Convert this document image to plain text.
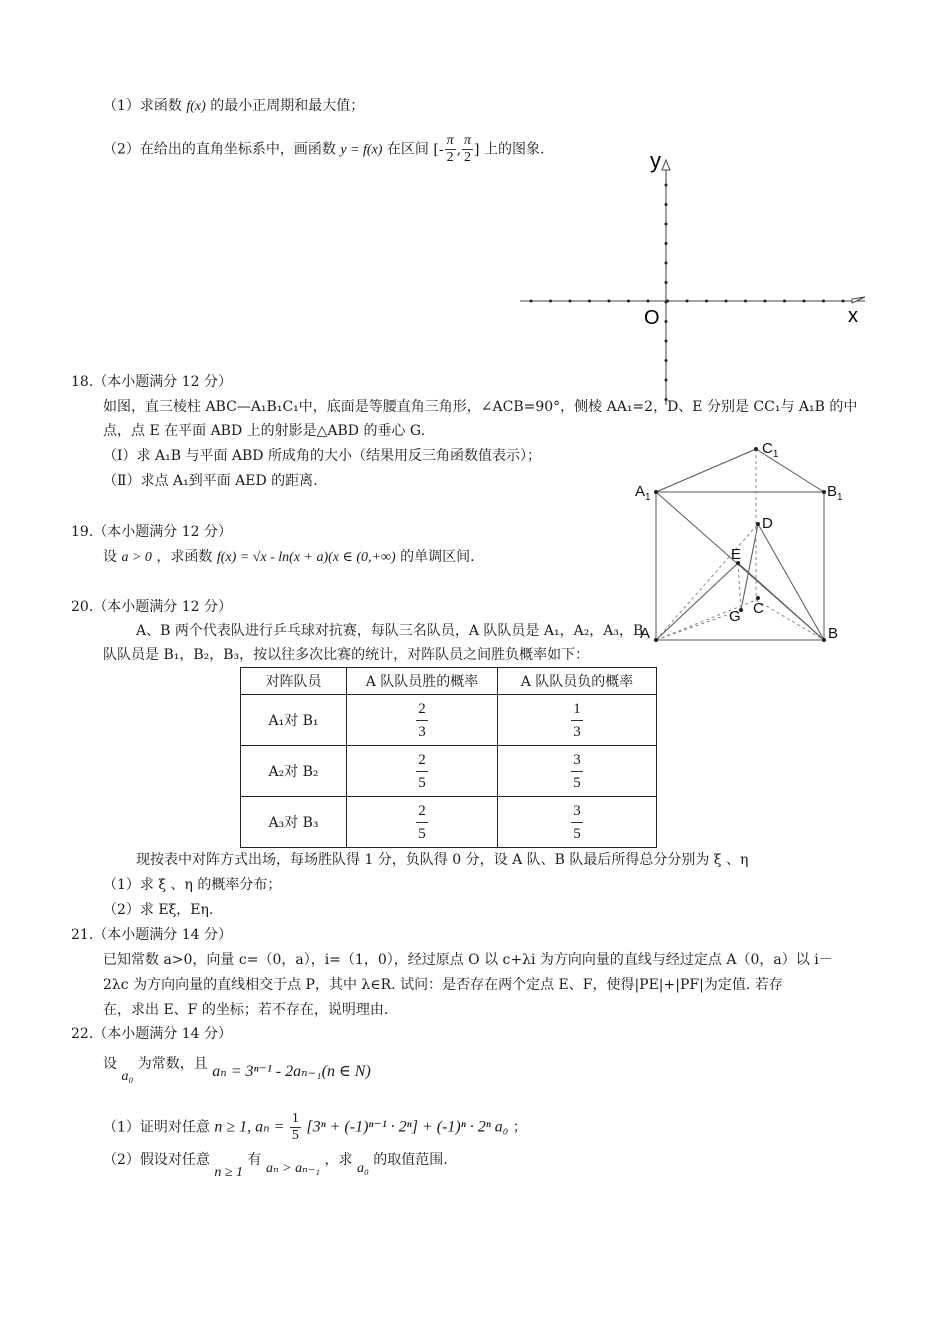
（1）求函数 f(x) 的最小正周期和最大值；
（2）在给出的直角坐标系中，画函数 y = f(x) 在区间 [- $\frac{\pi}{2}$ , $\frac{\pi}{2}$ ] 上的图象.	y
O	x
18.（本小题满分 12 分）
如图，直三棱柱 ABC—A₁B₁C₁中，底面是等腰直角三角形，∠ACB=90°，侧棱 AA₁=2，D、E 分别是 CC₁与 A₁B 的中
点，点 E 在平面 ABD 上的射影是△ABD 的垂心 G.
（Ⅰ）求 A₁B 与平面 ABD 所成角的大小（结果用反三角函数值表示）；
（Ⅱ）求点 A₁到平面 AED 的距离.
$C_1$
$A_1$	$B_1$
D
E
G C
A	B
19.（本小题满分 12 分）
设 a > 0 ，求函数 f(x) = √x - ln(x + a)(x ∈ (0,+∞) 的单调区间.
20.（本小题满分 12 分）
A、B 两个代表队进行乒乓球对抗赛，每队三名队员，A 队队员是 A₁，A₂，A₃，B
队队员是 B₁，B₂，B₃，按以往多次比赛的统计，对阵队员之间胜负概率如下：
对阵队员	A 队队员胜的概率	A 队队员负的概率
A₁对 B₁	$\frac{2}{3}$	$\frac{1}{3}$

A₂对 B₂	$\frac{2}{5}$	$\frac{3}{5}$

A₃对 B₃	$\frac{2}{5}$	$\frac{3}{5}$
现按表中对阵方式出场，每场胜队得 1 分，负队得 0 分，设 A 队、B 队最后所得总分分别为 ξ 、η
（1）求 ξ 、η 的概率分布；
（2）求 Eξ，Eη.
21.（本小题满分 14 分）
已知常数 a>0，向量 c=（0，a），i=（1，0），经过原点 O 以 c+λi 为方向向量的直线与经过定点 A（0，a）以 i－
2λc 为方向向量的直线相交于点 P，其中 λ∈R. 试问：是否存在两个定点 E、F，使得|PE|+|PF|为定值. 若存
在，求出 E、F 的坐标；若不存在，说明理由.
22.（本小题满分 14 分）
设 a₀ 为常数，且 aₙ = 3ⁿ⁻¹ - 2aₙ₋₁(n ∈ N)
（1）证明对任意 n ≥ 1, $a_n = \frac{1}{5} [3^n + (-1)^{n-1} \cdot 2^n] + (-1)^n \cdot 2^n$ a₀ ；
（2）假设对任意 n ≥ 1 有 aₙ > aₙ₋₁ ，求 a₀ 的取值范围.
